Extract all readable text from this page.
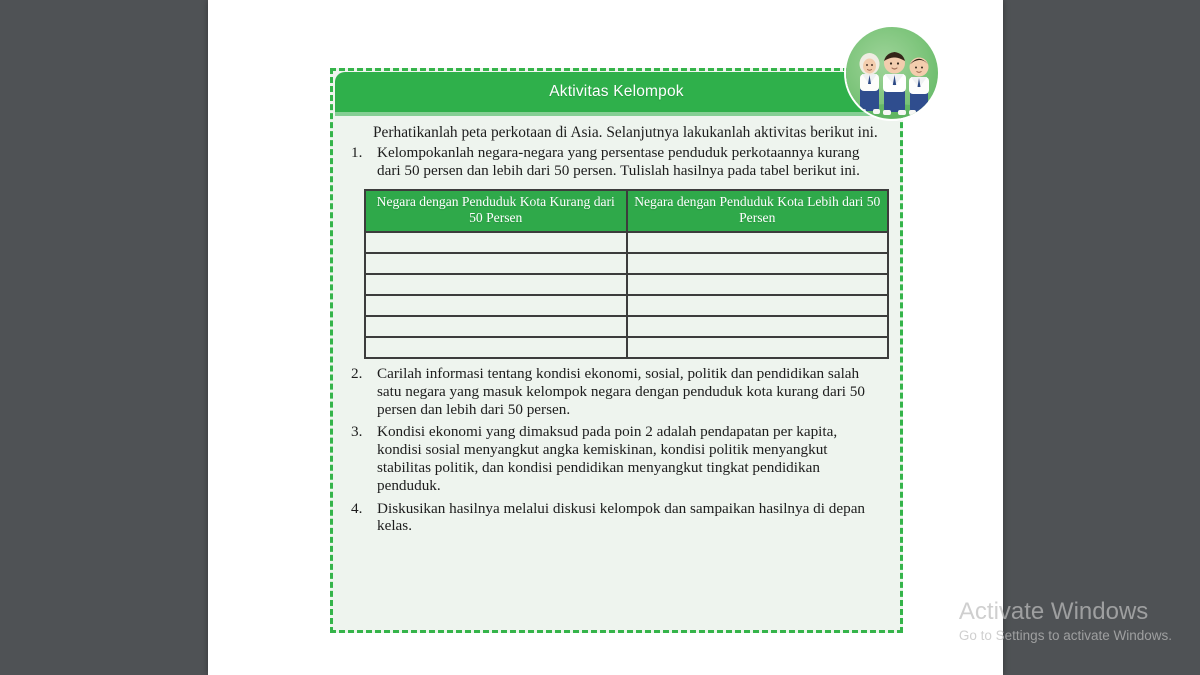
Aktivitas Kelompok

Perhatikanlah peta perkotaan di Asia. Selanjutnya lakukanlah aktivitas berikut ini.

1. Kelompokanlah negara-negara yang persentase penduduk perkotaannya kurang dari 50 persen dan lebih dari 50 persen. Tulislah hasilnya pada tabel berikut ini.
Negara dengan Penduduk Kota Kurang dari 50 Persen	Negara dengan Penduduk Kota Lebih dari 50 Persen

2. Carilah informasi tentang kondisi ekonomi, sosial, politik dan pendidikan salah satu negara yang masuk kelompok negara dengan penduduk kota kurang dari 50 persen dan lebih dari 50 persen.
3. Kondisi ekonomi yang dimaksud pada poin 2 adalah pendapatan per kapita, kondisi sosial menyangkut angka kemiskinan, kondisi politik menyangkut stabilitas politik, dan kondisi pendidikan menyangkut tingkat pendidikan penduduk.
4. Diskusikan hasilnya melalui diskusi kelompok dan sampaikan hasilnya di depan kelas.
Activate Windows
Go to Settings to activate Windows.
